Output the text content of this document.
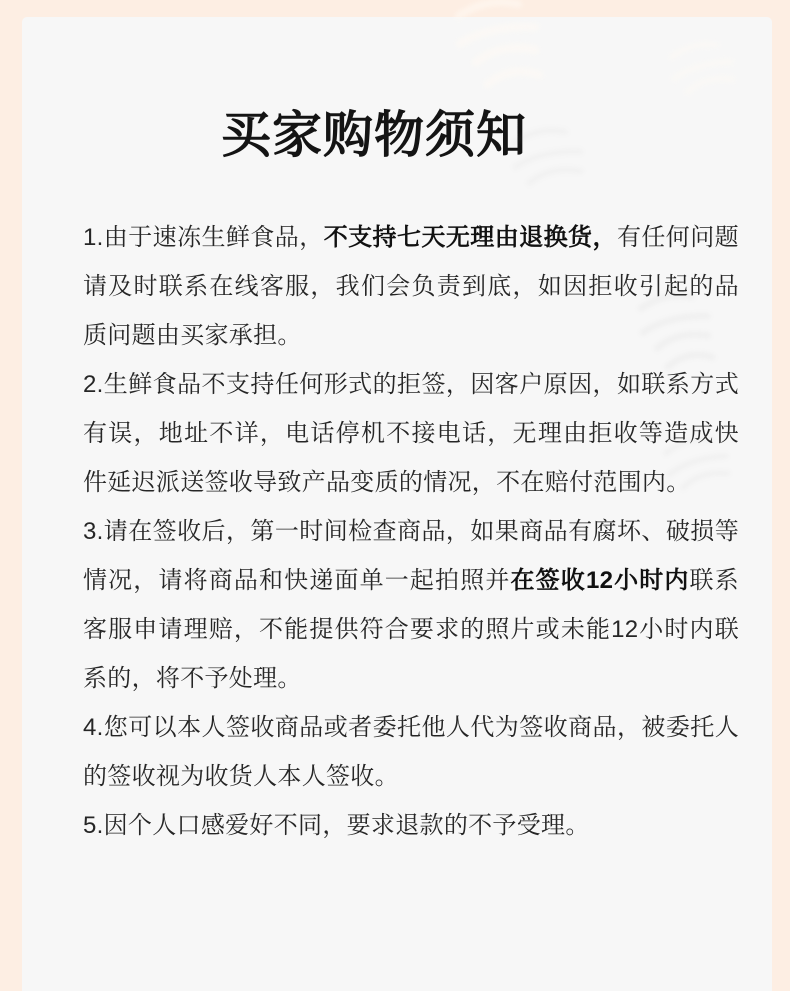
买家购物须知

1.由于速冻生鲜食品，不支持七天无理由退换货，有任何问题请及时联系在线客服，我们会负责到底，如因拒收引起的品质问题由买家承担。

2.生鲜食品不支持任何形式的拒签，因客户原因，如联系方式有误，地址不详，电话停机不接电话，无理由拒收等造成快件延迟派送签收导致产品变质的情况，不在赔付范围内。

3.请在签收后，第一时间检查商品，如果商品有腐坏、破损等情况，请将商品和快递面单一起拍照并在签收12小时内联系客服申请理赔，不能提供符合要求的照片或未能12小时内联系的，将不予处理。

4.您可以本人签收商品或者委托他人代为签收商品，被委托人的签收视为收货人本人签收。

5.因个人口感爱好不同，要求退款的不予受理。
